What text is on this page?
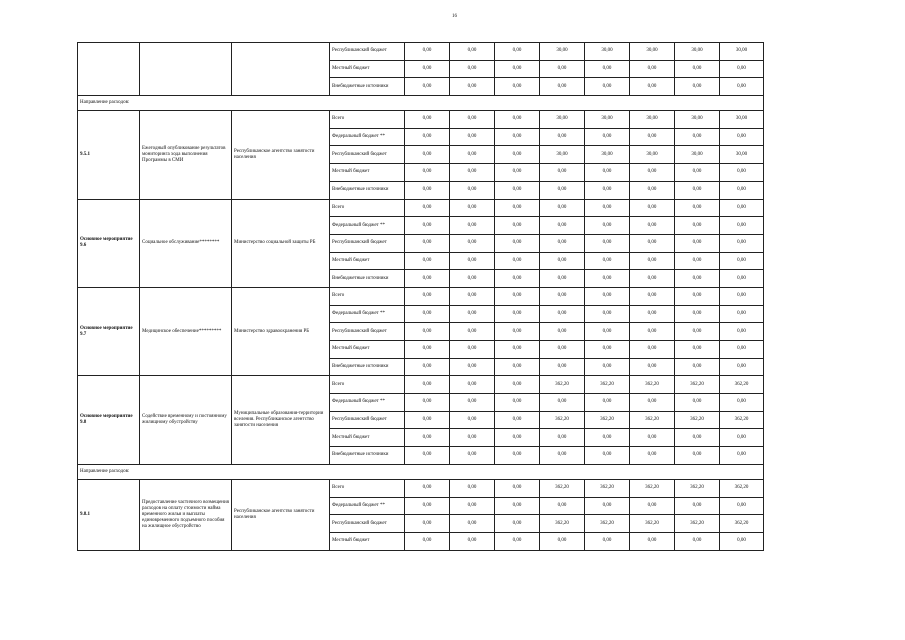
16
			Республиканский бюджет	0,00	0,00	0,00	30,00	30,00	30,00	30,00	30,00
			Местный бюджет	0,00	0,00	0,00	0,00	0,00	0,00	0,00	0,00
			Внебюджетные источники	0,00	0,00	0,00	0,00	0,00	0,00	0,00	0,00
Направление расходов:											
9.5.1	Ежегодный опубликование результатов мониторинга хода выполнения Программы в СМИ	Республиканское агентство занятости населения	Всего	0,00	0,00	0,00	30,00	30,00	30,00	30,00	30,00
			Федеральный бюджет **	0,00	0,00	0,00	0,00	0,00	0,00	0,00	0,00
			Республиканский бюджет	0,00	0,00	0,00	30,00	30,00	30,00	30,00	30,00
			Местный бюджет	0,00	0,00	0,00	0,00	0,00	0,00	0,00	0,00
			Внебюджетные источники	0,00	0,00	0,00	0,00	0,00	0,00	0,00	0,00
Основное мероприятие 9.6	Социальное обслуживание********	Министерство социальной защиты РБ	Всего	0,00	0,00	0,00	0,00	0,00	0,00	0,00	0,00
			Федеральный бюджет **	0,00	0,00	0,00	0,00	0,00	0,00	0,00	0,00
			Республиканский бюджет	0,00	0,00	0,00	0,00	0,00	0,00	0,00	0,00
			Местный бюджет	0,00	0,00	0,00	0,00	0,00	0,00	0,00	0,00
			Внебюджетные источники	0,00	0,00	0,00	0,00	0,00	0,00	0,00	0,00
Основное мероприятие 9.7	Медицинское обеспечение*********	Министерство здравоохранения РБ	Всего	0,00	0,00	0,00	0,00	0,00	0,00	0,00	0,00
			Федеральный бюджет **	0,00	0,00	0,00	0,00	0,00	0,00	0,00	0,00
			Республиканский бюджет	0,00	0,00	0,00	0,00	0,00	0,00	0,00	0,00
			Местный бюджет	0,00	0,00	0,00	0,00	0,00	0,00	0,00	0,00
			Внебюджетные источники	0,00	0,00	0,00	0,00	0,00	0,00	0,00	0,00
Основное мероприятие 9.8	Содействие временному и постоянному жилищному обустройству	Муниципальные образования-территории вселения. Республиканское агентство занятости населения	Всего	0,00	0,00	0,00	362,20	362,20	362,20	362,20	362,20
			Федеральный бюджет **	0,00	0,00	0,00	0,00	0,00	0,00	0,00	0,00
			Республиканский бюджет	0,00	0,00	0,00	362,20	362,20	362,20	362,20	362,20
			Местный бюджет	0,00	0,00	0,00	0,00	0,00	0,00	0,00	0,00
			Внебюджетные источники	0,00	0,00	0,00	0,00	0,00	0,00	0,00	0,00
Направление расходов:											
9.8.1	Предоставление частичного возмещения расходов на оплату стоимости найма временного жилья и выплаты единовременного подъемного пособия на жилищное обустройство	Республиканское агентство занятости населения	Всего	0,00	0,00	0,00	362,20	362,20	362,20	362,20	362,20
			Федеральный бюджет **	0,00	0,00	0,00	0,00	0,00	0,00	0,00	0,00
			Республиканский бюджет	0,00	0,00	0,00	362,20	362,20	362,20	362,20	362,20
			Местный бюджет	0,00	0,00	0,00	0,00	0,00	0,00	0,00	0,00
